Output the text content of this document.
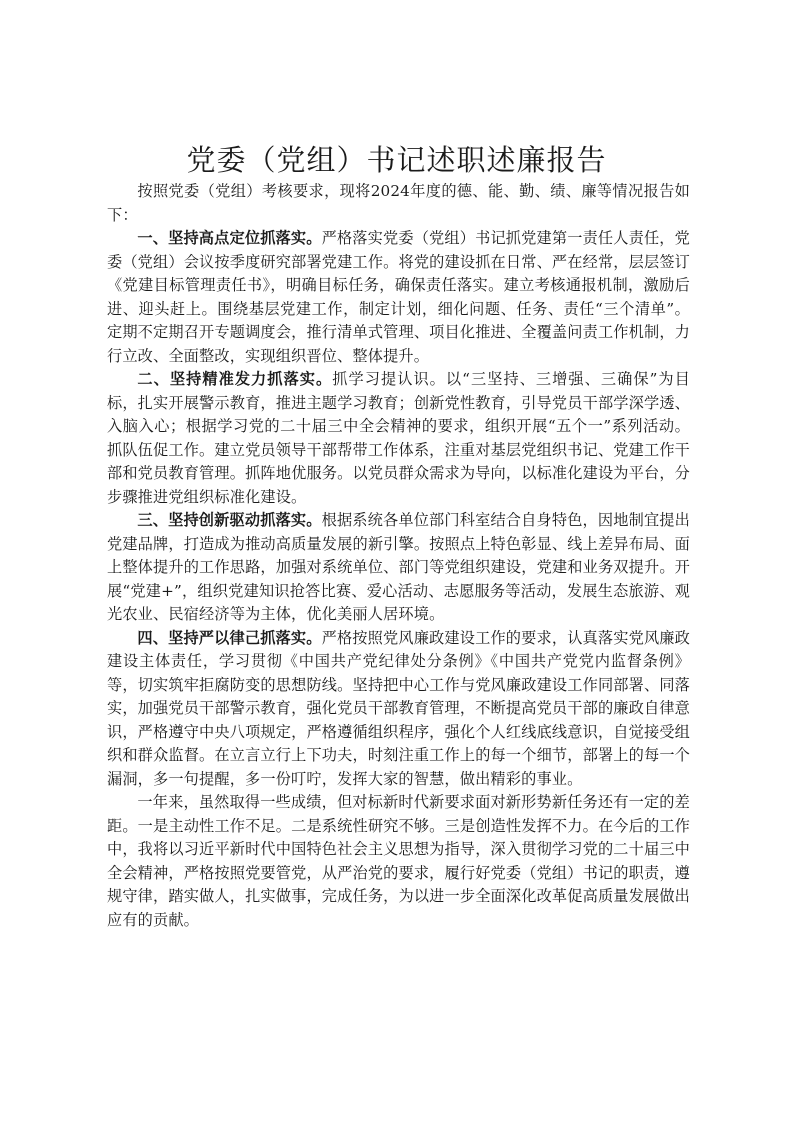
党委（党组）书记述职述廉报告

按照党委（党组）考核要求，现将2024年度的德、能、勤、绩、廉等情况报告如下：

一、坚持高点定位抓落实。严格落实党委（党组）书记抓党建第一责任人责任，党委（党组）会议按季度研究部署党建工作。将党的建设抓在日常、严在经常，层层签订《党建目标管理责任书》，明确目标任务，确保责任落实。建立考核通报机制，激励后进、迎头赶上。围绕基层党建工作，制定计划，细化问题、任务、责任“三个清单”。定期不定期召开专题调度会，推行清单式管理、项目化推进、全覆盖问责工作机制，力行立改、全面整改，实现组织晋位、整体提升。

二、坚持精准发力抓落实。抓学习提认识。以“三坚持、三增强、三确保”为目标，扎实开展警示教育，推进主题学习教育；创新党性教育，引导党员干部学深学透、入脑入心；根据学习党的二十届三中全会精神的要求，组织开展“五个一”系列活动。抓队伍促工作。建立党员领导干部帮带工作体系，注重对基层党组织书记、党建工作干部和党员教育管理。抓阵地优服务。以党员群众需求为导向，以标准化建设为平台，分步骤推进党组织标准化建设。

三、坚持创新驱动抓落实。根据系统各单位部门科室结合自身特色，因地制宜提出党建品牌，打造成为推动高质量发展的新引擎。按照点上特色彰显、线上差异布局、面上整体提升的工作思路，加强对系统单位、部门等党组织建设，党建和业务双提升。开展“党建+”，组织党建知识抢答比赛、爱心活动、志愿服务等活动，发展生态旅游、观光农业、民宿经济等为主体，优化美丽人居环境。

四、坚持严以律己抓落实。严格按照党风廉政建设工作的要求，认真落实党风廉政建设主体责任，学习贯彻《中国共产党纪律处分条例》《中国共产党党内监督条例》等，切实筑牢拒腐防变的思想防线。坚持把中心工作与党风廉政建设工作同部署、同落实，加强党员干部警示教育，强化党员干部教育管理，不断提高党员干部的廉政自律意识，严格遵守中央八项规定，严格遵循组织程序，强化个人红线底线意识，自觉接受组织和群众监督。在立言立行上下功夫，时刻注重工作上的每一个细节，部署上的每一个漏洞，多一句提醒，多一份叮咛，发挥大家的智慧，做出精彩的事业。

一年来，虽然取得一些成绩，但对标新时代新要求面对新形势新任务还有一定的差距。一是主动性工作不足。二是系统性研究不够。三是创造性发挥不力。在今后的工作中，我将以习近平新时代中国特色社会主义思想为指导，深入贯彻学习党的二十届三中全会精神，严格按照党要管党，从严治党的要求，履行好党委（党组）书记的职责，遵规守律，踏实做人，扎实做事，完成任务，为以进一步全面深化改革促高质量发展做出应有的贡献。
